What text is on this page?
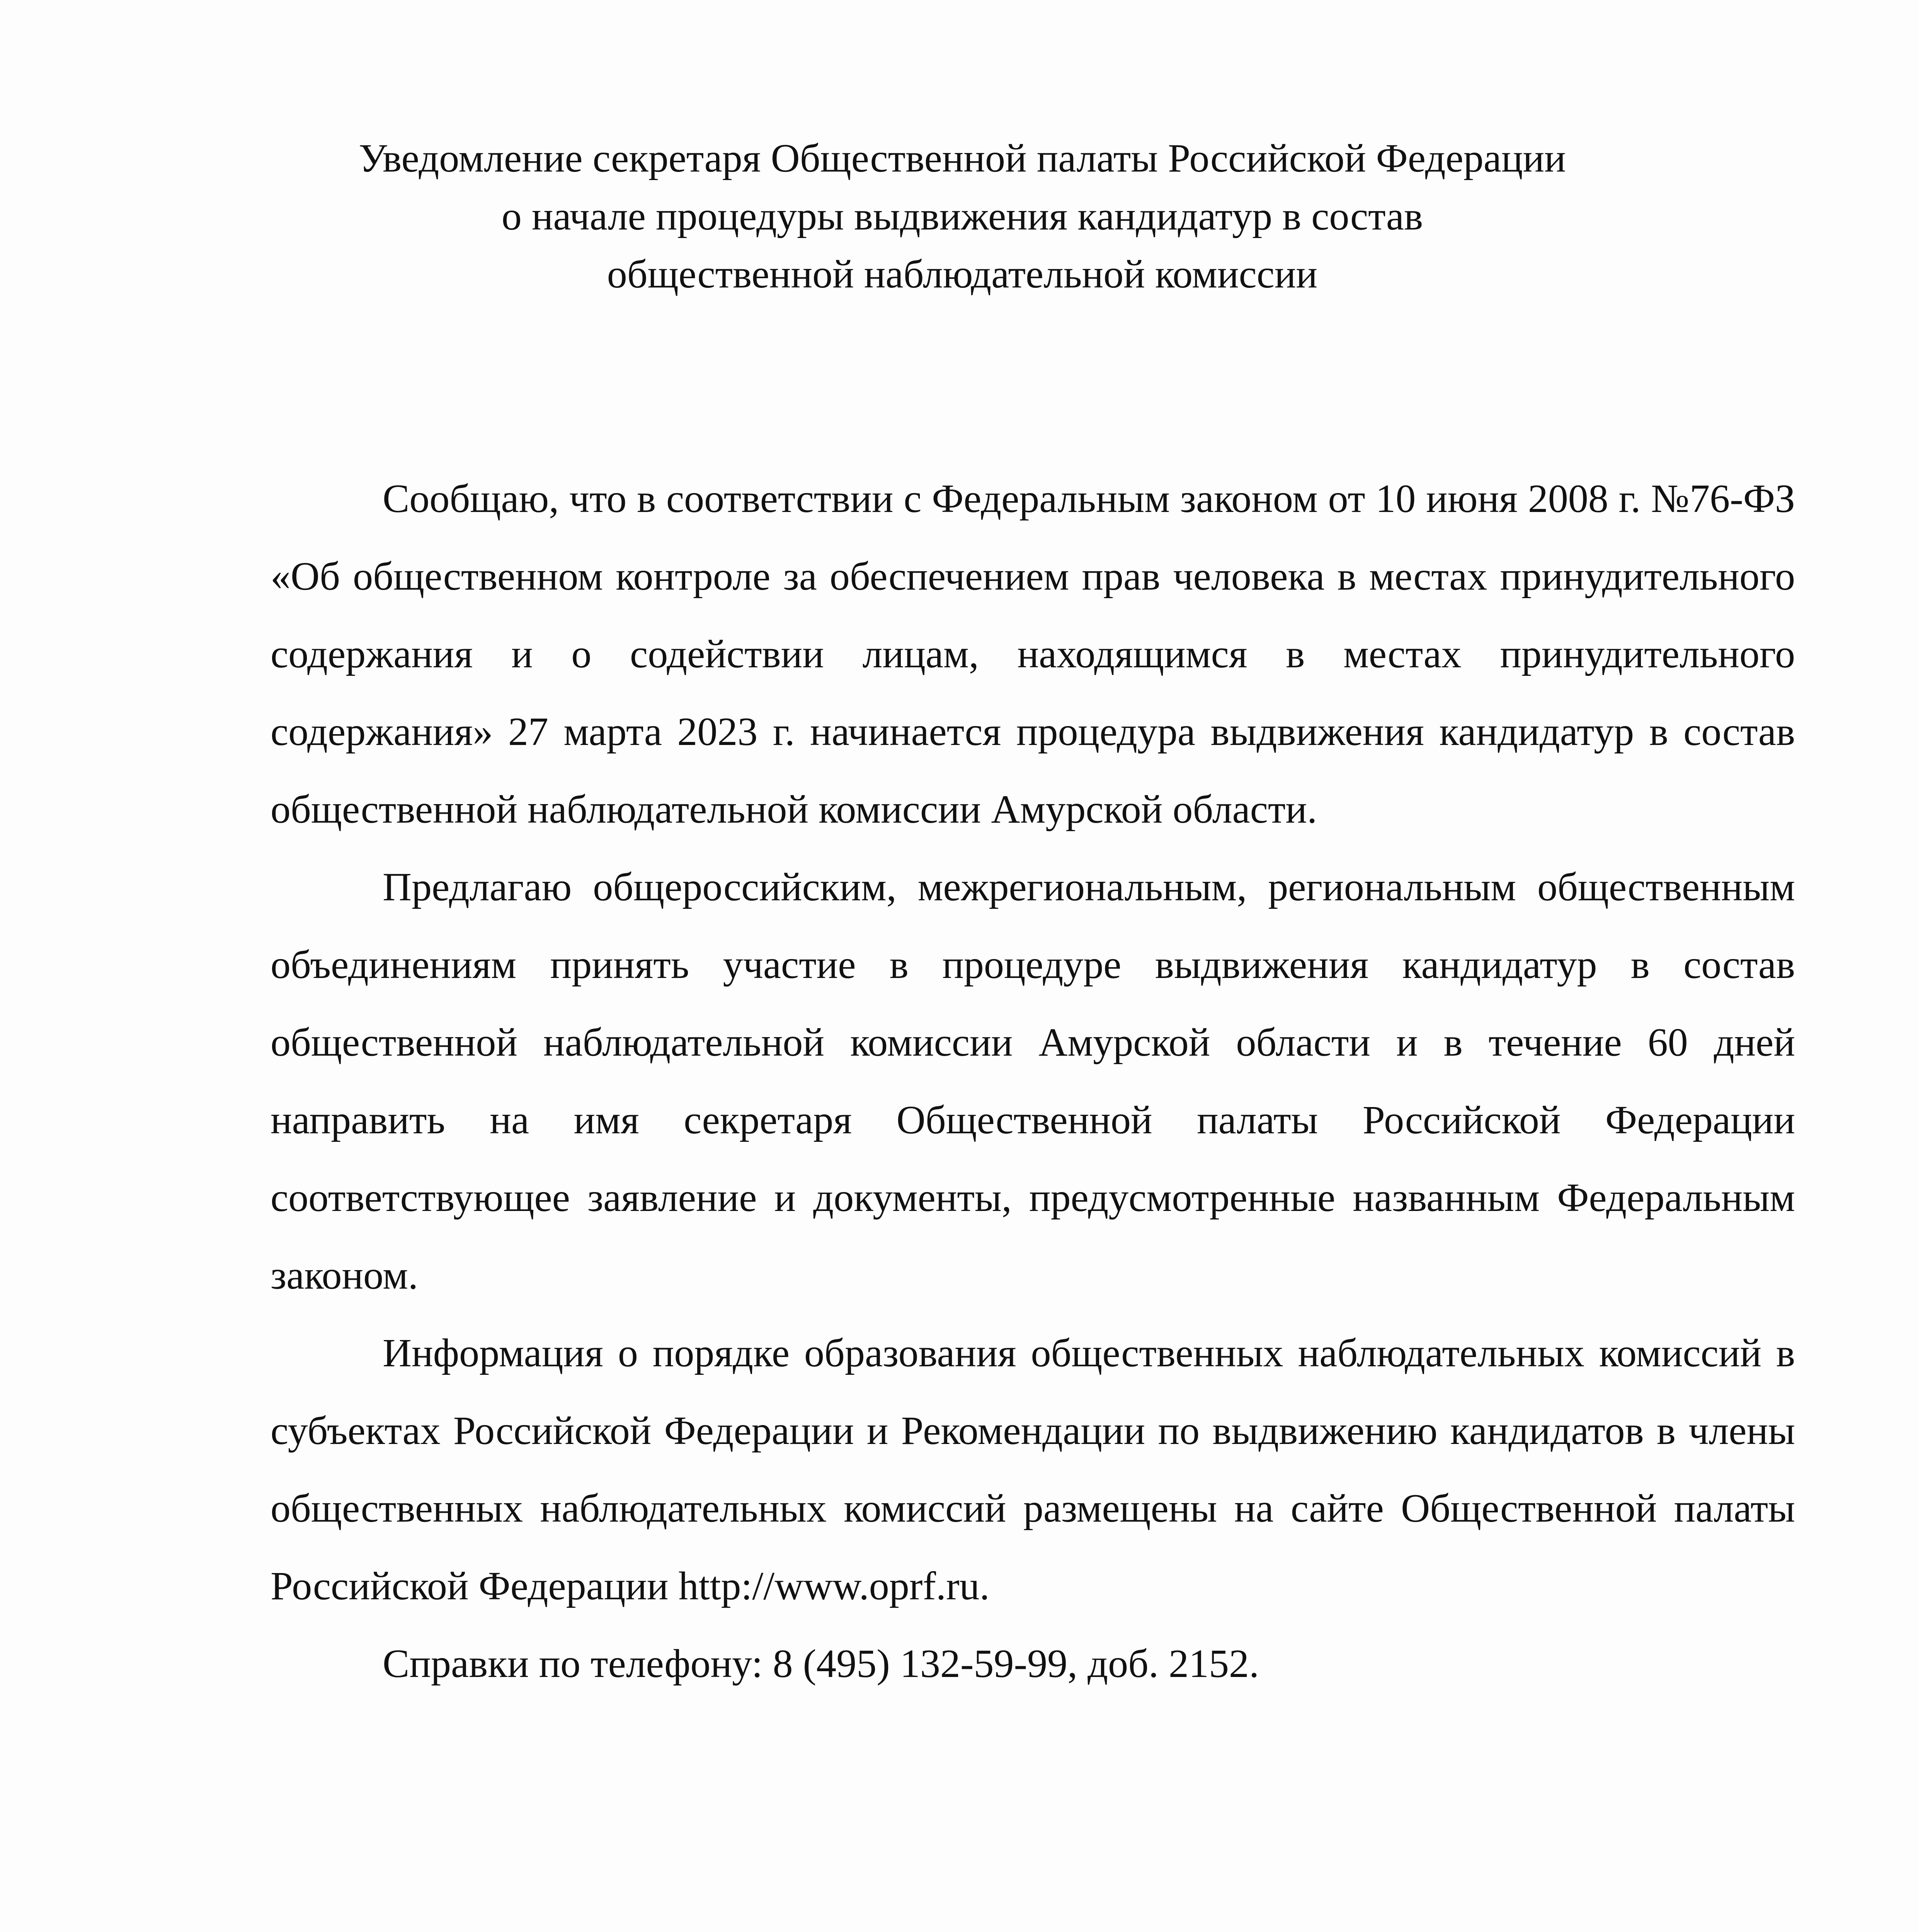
Уведомление секретаря Общественной палаты Российской Федерации
о начале процедуры выдвижения кандидатур в состав
общественной наблюдательной комиссии

Сообщаю, что в соответствии с Федеральным законом от 10 июня 2008 г. №76-ФЗ «Об общественном контроле за обеспечением прав человека в местах принудительного содержания и о содействии лицам, находящимся в местах принудительного содержания» 27 марта 2023 г. начинается процедура выдвижения кандидатур в состав общественной наблюдательной комиссии Амурской области.

Предлагаю общероссийским, межрегиональным, региональным общественным объединениям принять участие в процедуре выдвижения кандидатур в состав общественной наблюдательной комиссии Амурской области и в течение 60 дней направить на имя секретаря Общественной палаты Российской Федерации соответствующее заявление и документы, предусмотренные названным Федеральным законом.

Информация о порядке образования общественных наблюдательных комиссий в субъектах Российской Федерации и Рекомендации по выдвижению кандидатов в члены общественных наблюдательных комиссий размещены на сайте Общественной палаты Российской Федерации http://www.oprf.ru.

Справки по телефону: 8 (495) 132-59-99, доб. 2152.
